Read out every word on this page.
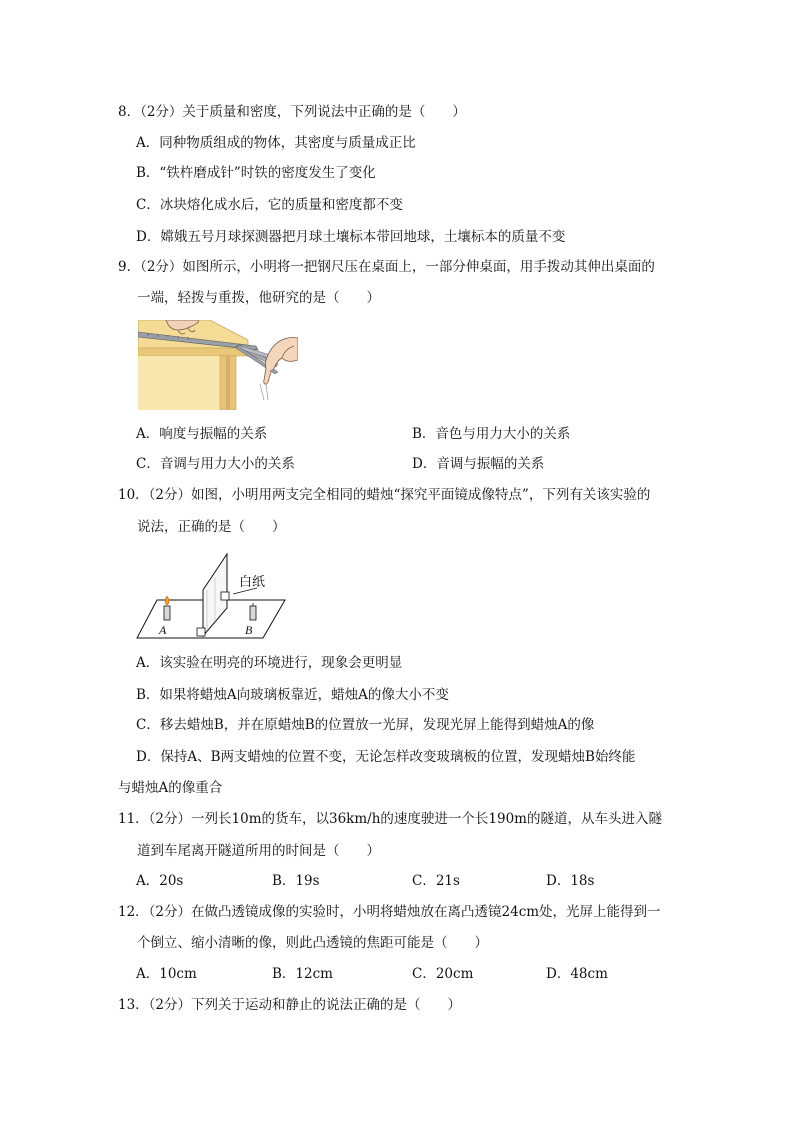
8．（2分）关于质量和密度，下列说法中正确的是（　　）
A．同种物质组成的物体，其密度与质量成正比
B．“铁杵磨成针”时铁的密度发生了变化
C．冰块熔化成水后，它的质量和密度都不变
D．嫦娥五号月球探测器把月球土壤标本带回地球，土壤标本的质量不变
9．（2分）如图所示，小明将一把钢尺压在桌面上，一部分伸桌面，用手拨动其伸出桌面的
一端，轻拨与重拨，他研究的是（　　）
A．响度与振幅的关系	B．音色与用力大小的关系
C．音调与用力大小的关系	D．音调与振幅的关系
10．（2分）如图，小明用两支完全相同的蜡烛“探究平面镜成像特点”，下列有关该实验的
说法，正确的是（　　）
白纸
A	B
A．该实验在明亮的环境进行，现象会更明显
B．如果将蜡烛A向玻璃板靠近，蜡烛A的像大小不变
C．移去蜡烛B，并在原蜡烛B的位置放一光屏，发现光屏上能得到蜡烛A的像
D．保持A、B两支蜡烛的位置不变，无论怎样改变玻璃板的位置，发现蜡烛B始终能
与蜡烛A的像重合
11．（2分）一列长10m的货车，以36km/h的速度驶进一个长190m的隧道，从车头进入隧
道到车尾离开隧道所用的时间是（　　）
A．20s	B．19s	C．21s	D．18s
12．（2分）在做凸透镜成像的实验时，小明将蜡烛放在离凸透镜24cm处，光屏上能得到一
个倒立、缩小清晰的像，则此凸透镜的焦距可能是（　　）
A．10cm	B．12cm	C．20cm	D．48cm
13．（2分）下列关于运动和静止的说法正确的是（　　）
